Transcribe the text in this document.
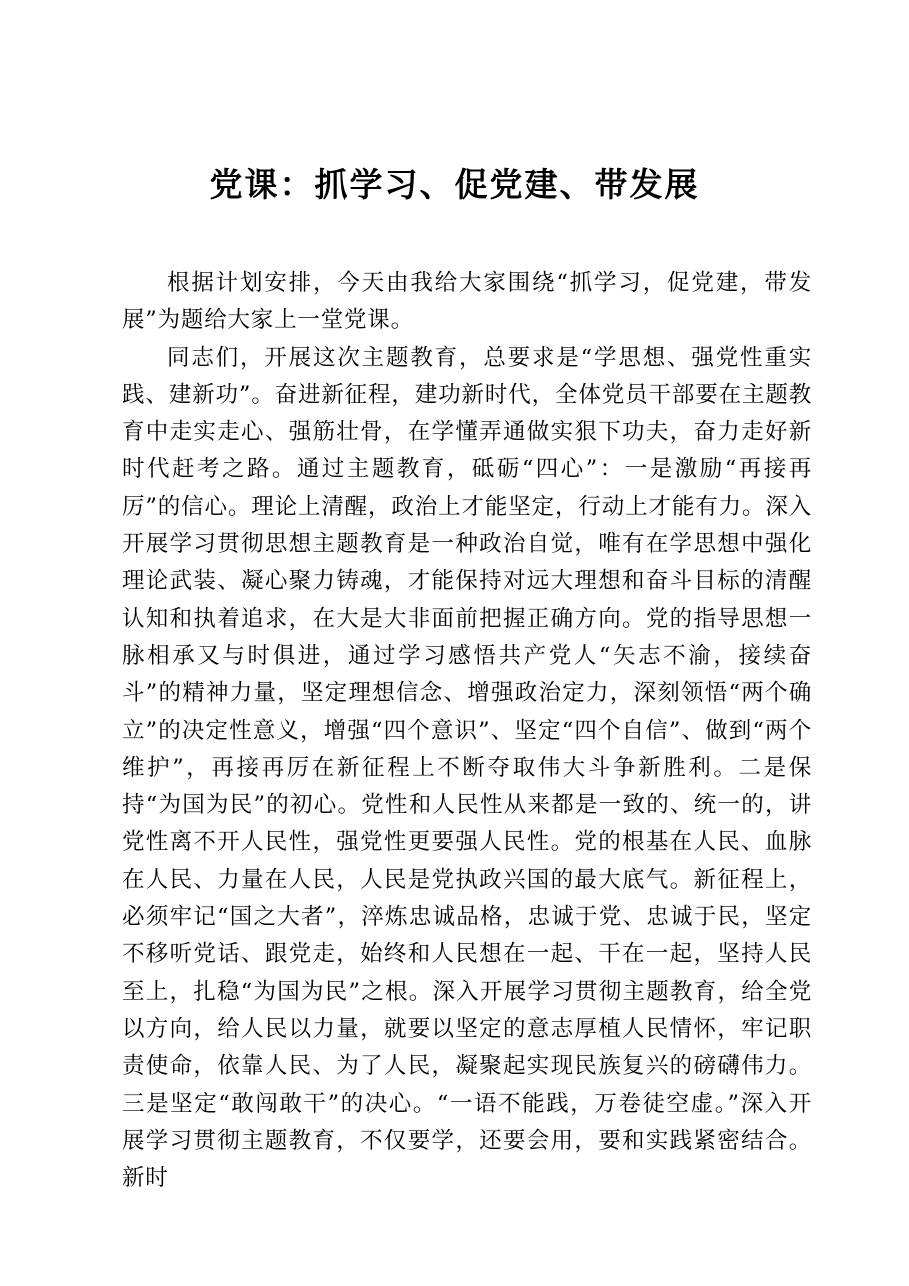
党课：抓学习、促党建、带发展

根据计划安排，今天由我给大家围绕“抓学习，促党建，带发展”为题给大家上一堂党课。

同志们，开展这次主题教育，总要求是“学思想、强党性重实践、建新功”。奋进新征程，建功新时代，全体党员干部要在主题教育中走实走心、强筋壮骨，在学懂弄通做实狠下功夫，奋力走好新时代赶考之路。通过主题教育，砥砺“四心”：一是激励“再接再厉”的信心。理论上清醒，政治上才能坚定，行动上才能有力。深入开展学习贯彻思想主题教育是一种政治自觉，唯有在学思想中强化理论武装、凝心聚力铸魂，才能保持对远大理想和奋斗目标的清醒认知和执着追求，在大是大非面前把握正确方向。党的指导思想一脉相承又与时俱进，通过学习感悟共产党人“矢志不渝，接续奋斗”的精神力量，坚定理想信念、增强政治定力，深刻领悟“两个确立”的决定性意义，增强“四个意识”、坚定“四个自信”、做到“两个维护”，再接再厉在新征程上不断夺取伟大斗争新胜利。二是保持“为国为民”的初心。党性和人民性从来都是一致的、统一的，讲党性离不开人民性，强党性更要强人民性。党的根基在人民、血脉在人民、力量在人民，人民是党执政兴国的最大底气。新征程上，必须牢记“国之大者”，淬炼忠诚品格，忠诚于党、忠诚于民，坚定不移听党话、跟党走，始终和人民想在一起、干在一起，坚持人民至上，扎稳“为国为民”之根。深入开展学习贯彻主题教育，给全党以方向，给人民以力量，就要以坚定的意志厚植人民情怀，牢记职责使命，依靠人民、为了人民，凝聚起实现民族复兴的磅礴伟力。三是坚定“敢闯敢干”的决心。“一语不能践，万卷徒空虚。”深入开展学习贯彻主题教育，不仅要学，还要会用，要和实践紧密结合。新时
